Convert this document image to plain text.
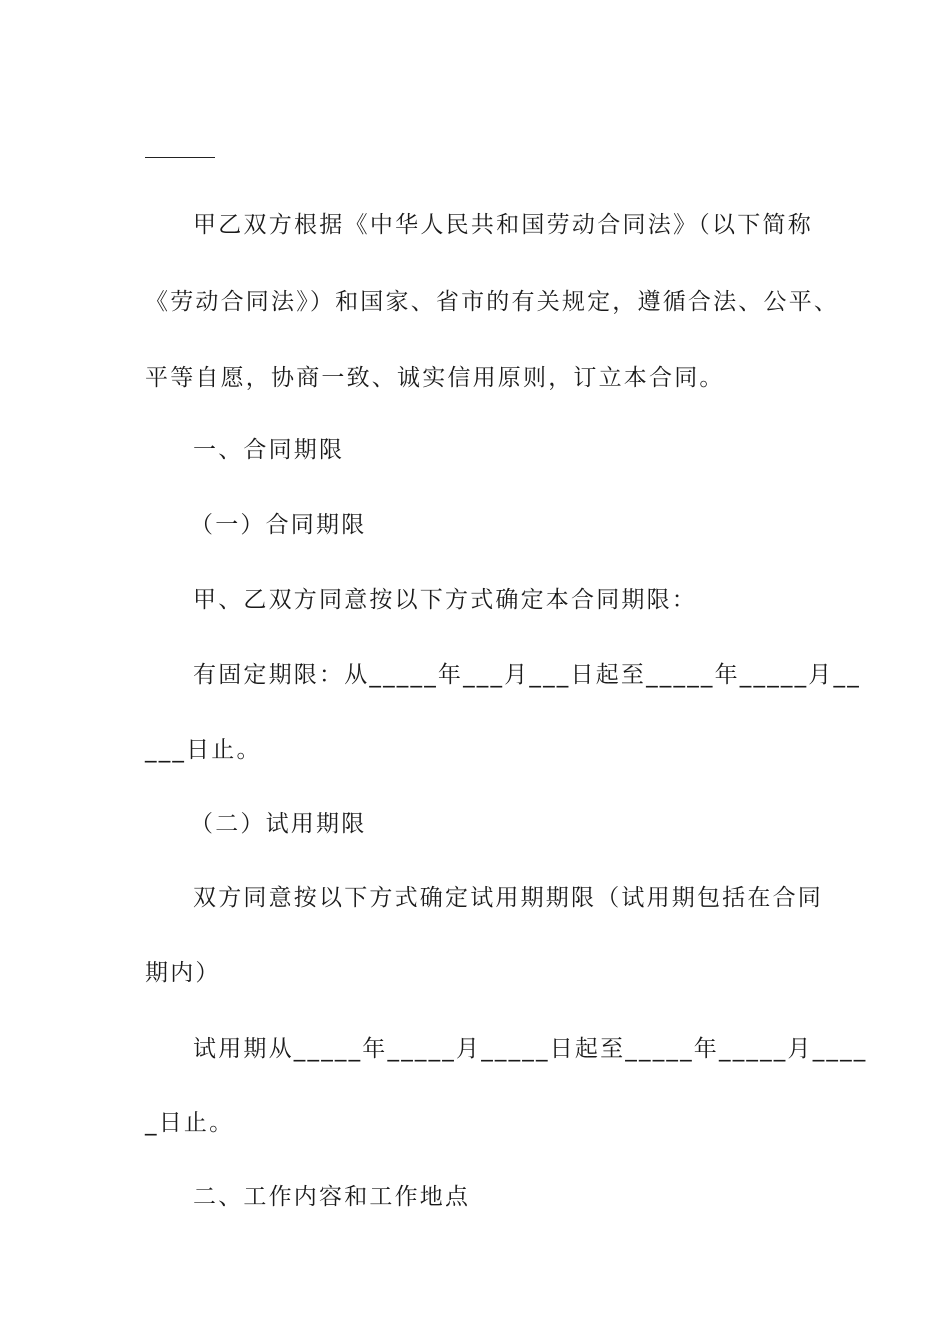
甲乙双方根据《中华人民共和国劳动合同法》（以下简称
《劳动合同法》）和国家、省市的有关规定，遵循合法、公平、
平等自愿，协商一致、诚实信用原则，订立本合同。
一、合同期限
（一）合同期限
甲、乙双方同意按以下方式确定本合同期限：
有固定期限：从_____年___月___日起至_____年_____月__
___日止。
（二）试用期限
双方同意按以下方式确定试用期期限（试用期包括在合同
期内）
试用期从_____年_____月_____日起至_____年_____月____
_日止。
二、工作内容和工作地点
